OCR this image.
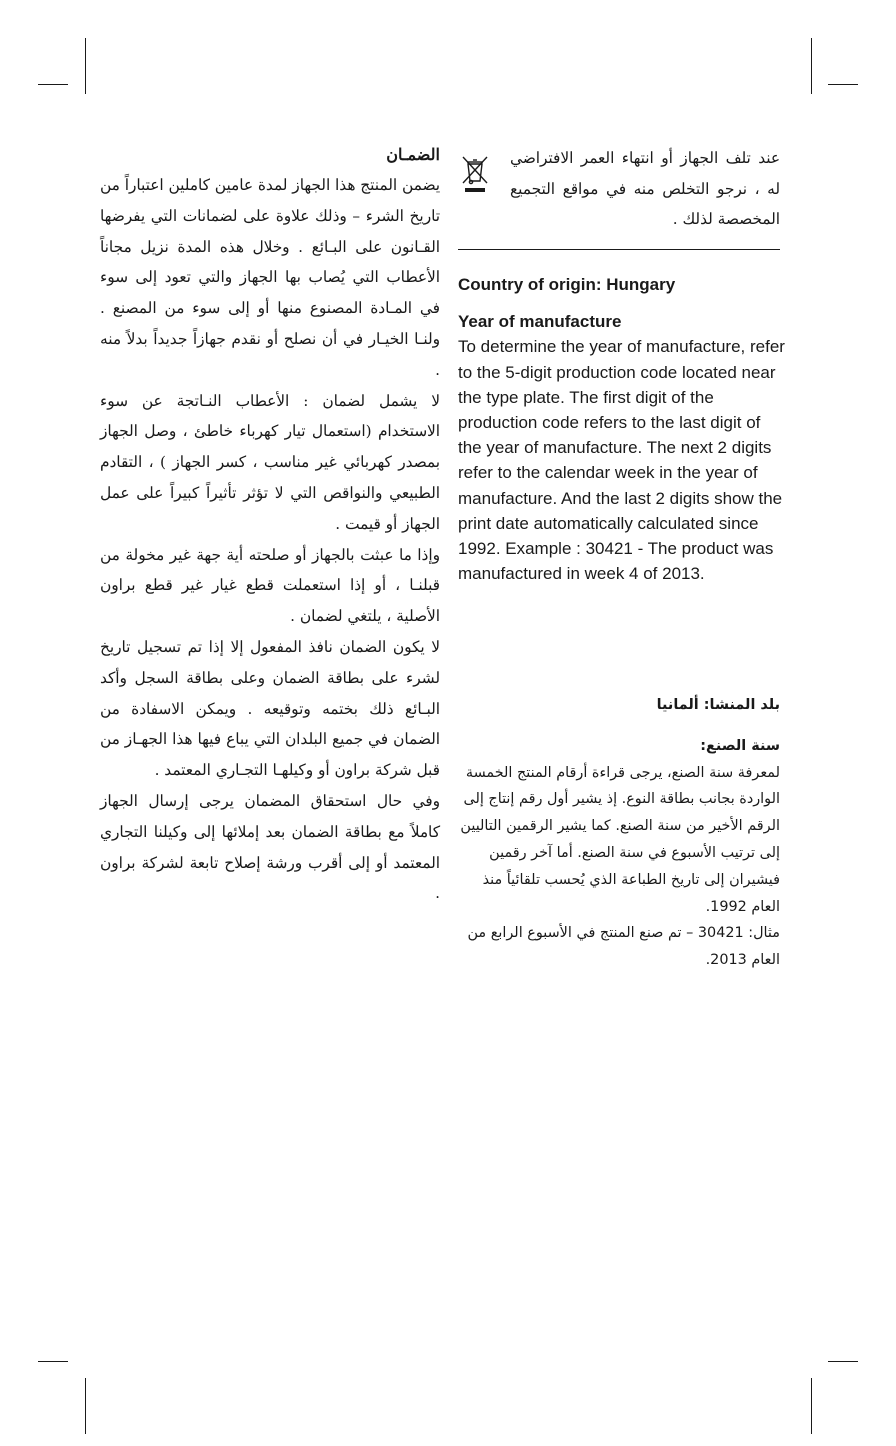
الضمـان

يضمن المنتج هذا الجهاز لمدة عامين كاملين اعتباراً من تاريخ الشرء – وذلك علاوة على لضمانات التي يفرضها القـانون على البـائع . وخلال هذه المدة نزيل مجاناً الأعطاب التي يُصاب بها الجهاز والتي تعود إلى سوء في المـادة المصنوع منها أو إلى سوء من المصنع . ولنـا الخيـار في أن نصلح أو نقدم جهازاً جديداً بدلاً منه .

لا يشمل لضمان : الأعطاب النـاتجة عن سوء الاستخدام (استعمال تيار كهرباء خاطئ ، وصل الجهاز بمصدر كهربائي غير مناسب ، كسر الجهاز ) ، التقادم الطبيعي والنواقص التي لا تؤثر تأثيراً كبيراً على عمل الجهاز أو قيمت .

وإذا ما عبثت بالجهاز أو صلحته أية جهة غير مخولة من قبلنـا ، أو إذا استعملت قطع غيار غير قطع براون الأصلية ، يلتغي لضمان .

لا يكون الضمان نافذ المفعول إلا إذا تم تسجيل تاريخ لشرء على بطاقة الضمان وعلى بطاقة السجل وأكد البـائع ذلك بختمه وتوقيعه . ويمكن الاسفادة من الضمان في جميع البلدان التي يباع فيها هذا الجهـاز من قبل شركة براون أو وكيلهـا التجـاري المعتمد .

وفي حال استحقاق المضمان يرجى إرسال الجهاز كاملاً مع بطاقة الضمان بعد إملائها إلى وكيلنا التجاري المعتمد أو إلى أقرب ورشة إصلاح تابعة لشركة براون .

عند تلف الجهاز أو انتهاء العمر الافتراضي له ، نرجو التخلص منه في مواقع التجميع المخصصة لذلك .
Country of origin: Hungary
Year of manufacture

To determine the year of manufacture, refer to the 5-digit production code located near the type plate. The first digit of the production code refers to the last digit of the year of manufacture. The next 2 digits refer to the calendar week in the year of manufacture. And the last 2 digits show the print date automatically calculated since 1992. Example : 30421 - The product was manufactured in week 4 of 2013.

بلد المنشا: ألمانيا
سنة الصنع:

لمعرفة سنة الصنع، يرجى قراءة أرقام المنتج الخمسة الواردة بجانب بطاقة النوع. إذ يشير أول رقم إنتاج إلى الرقم الأخير من سنة الصنع. كما يشير الرقمين التاليين إلى ترتيب الأسبوع في سنة الصنع. أما آخر رقمين فيشيران إلى تاريخ الطباعة الذي يُحسب تلقائياً منذ العام 1992.

مثال: 30421 – تم صنع المنتج في الأسبوع الرابع من العام 2013.
